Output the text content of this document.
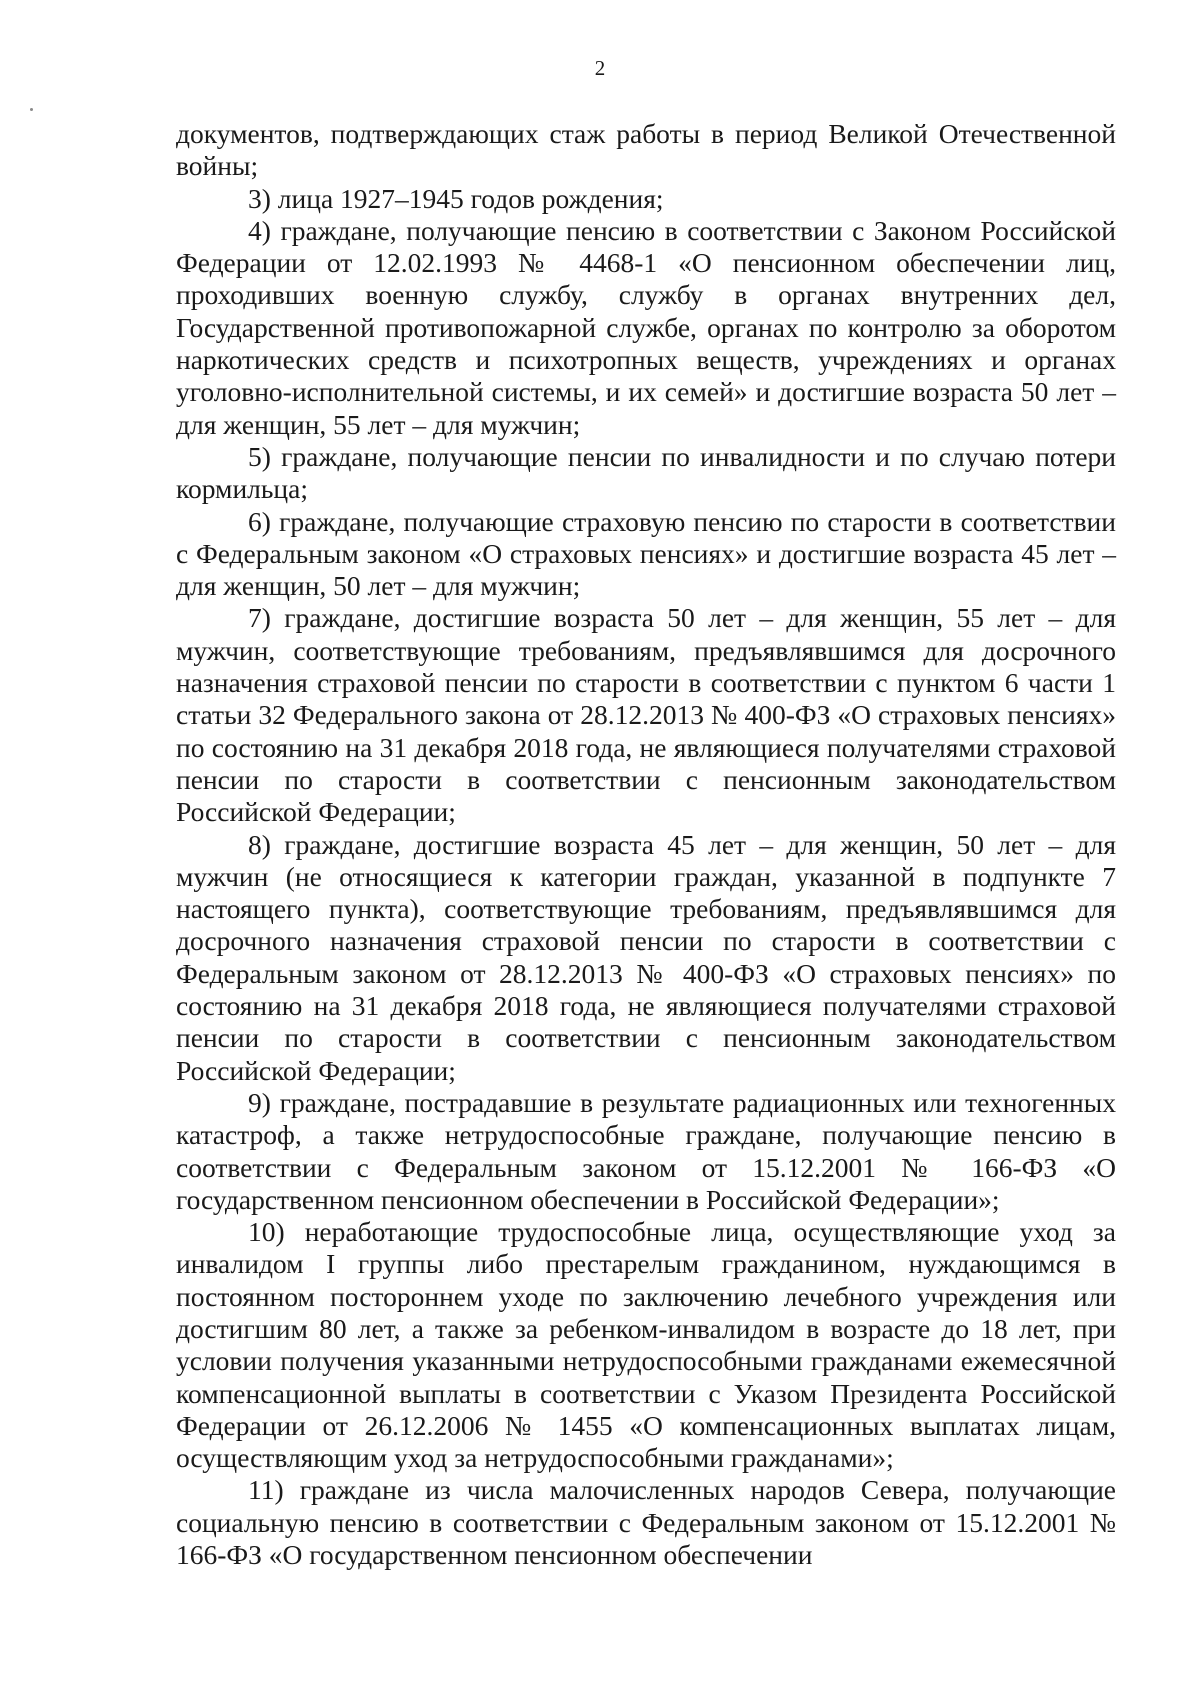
2

документов, подтверждающих стаж работы в период Великой Отечественной войны;

3) лица 1927–1945 годов рождения;

4) граждане, получающие пенсию в соответствии с Законом Российской Федерации от 12.02.1993 № 4468-1 «О пенсионном обеспечении лиц, проходивших военную службу, службу в органах внутренних дел, Государственной противопожарной службе, органах по контролю за оборотом наркотических средств и психотропных веществ, учреждениях и органах уголовно-исполнительной системы, и их семей» и достигшие возраста 50 лет – для женщин, 55 лет – для мужчин;

5) граждане, получающие пенсии по инвалидности и по случаю потери кормильца;

6) граждане, получающие страховую пенсию по старости в соответствии с Федеральным законом «О страховых пенсиях» и достигшие возраста 45 лет – для женщин, 50 лет – для мужчин;

7) граждане, достигшие возраста 50 лет – для женщин, 55 лет – для мужчин, соответствующие требованиям, предъявлявшимся для досрочного назначения страховой пенсии по старости в соответствии с пунктом 6 части 1 статьи 32 Федерального закона от 28.12.2013 № 400-ФЗ «О страховых пенсиях» по состоянию на 31 декабря 2018 года, не являющиеся получателями страховой пенсии по старости в соответствии с пенсионным законодательством Российской Федерации;

8) граждане, достигшие возраста 45 лет – для женщин, 50 лет – для мужчин (не относящиеся к категории граждан, указанной в подпункте 7 настоящего пункта), соответствующие требованиям, предъявлявшимся для досрочного назначения страховой пенсии по старости в соответствии с Федеральным законом от 28.12.2013 № 400-ФЗ «О страховых пенсиях» по состоянию на 31 декабря 2018 года, не являющиеся получателями страховой пенсии по старости в соответствии с пенсионным законодательством Российской Федерации;

9) граждане, пострадавшие в результате радиационных или техногенных катастроф, а также нетрудоспособные граждане, получающие пенсию в соответствии с Федеральным законом от 15.12.2001 № 166-ФЗ «О государственном пенсионном обеспечении в Российской Федерации»;

10) неработающие трудоспособные лица, осуществляющие уход за инвалидом I группы либо престарелым гражданином, нуждающимся в постоянном постороннем уходе по заключению лечебного учреждения или достигшим 80 лет, а также за ребенком-инвалидом в возрасте до 18 лет, при условии получения указанными нетрудоспособными гражданами ежемесячной компенсационной выплаты в соответствии с Указом Президента Российской Федерации от 26.12.2006 № 1455 «О компенсационных выплатах лицам, осуществляющим уход за нетрудоспособными гражданами»;

11) граждане из числа малочисленных народов Севера, получающие социальную пенсию в соответствии с Федеральным законом от 15.12.2001 № 166-ФЗ «О государственном пенсионном обеспечении
